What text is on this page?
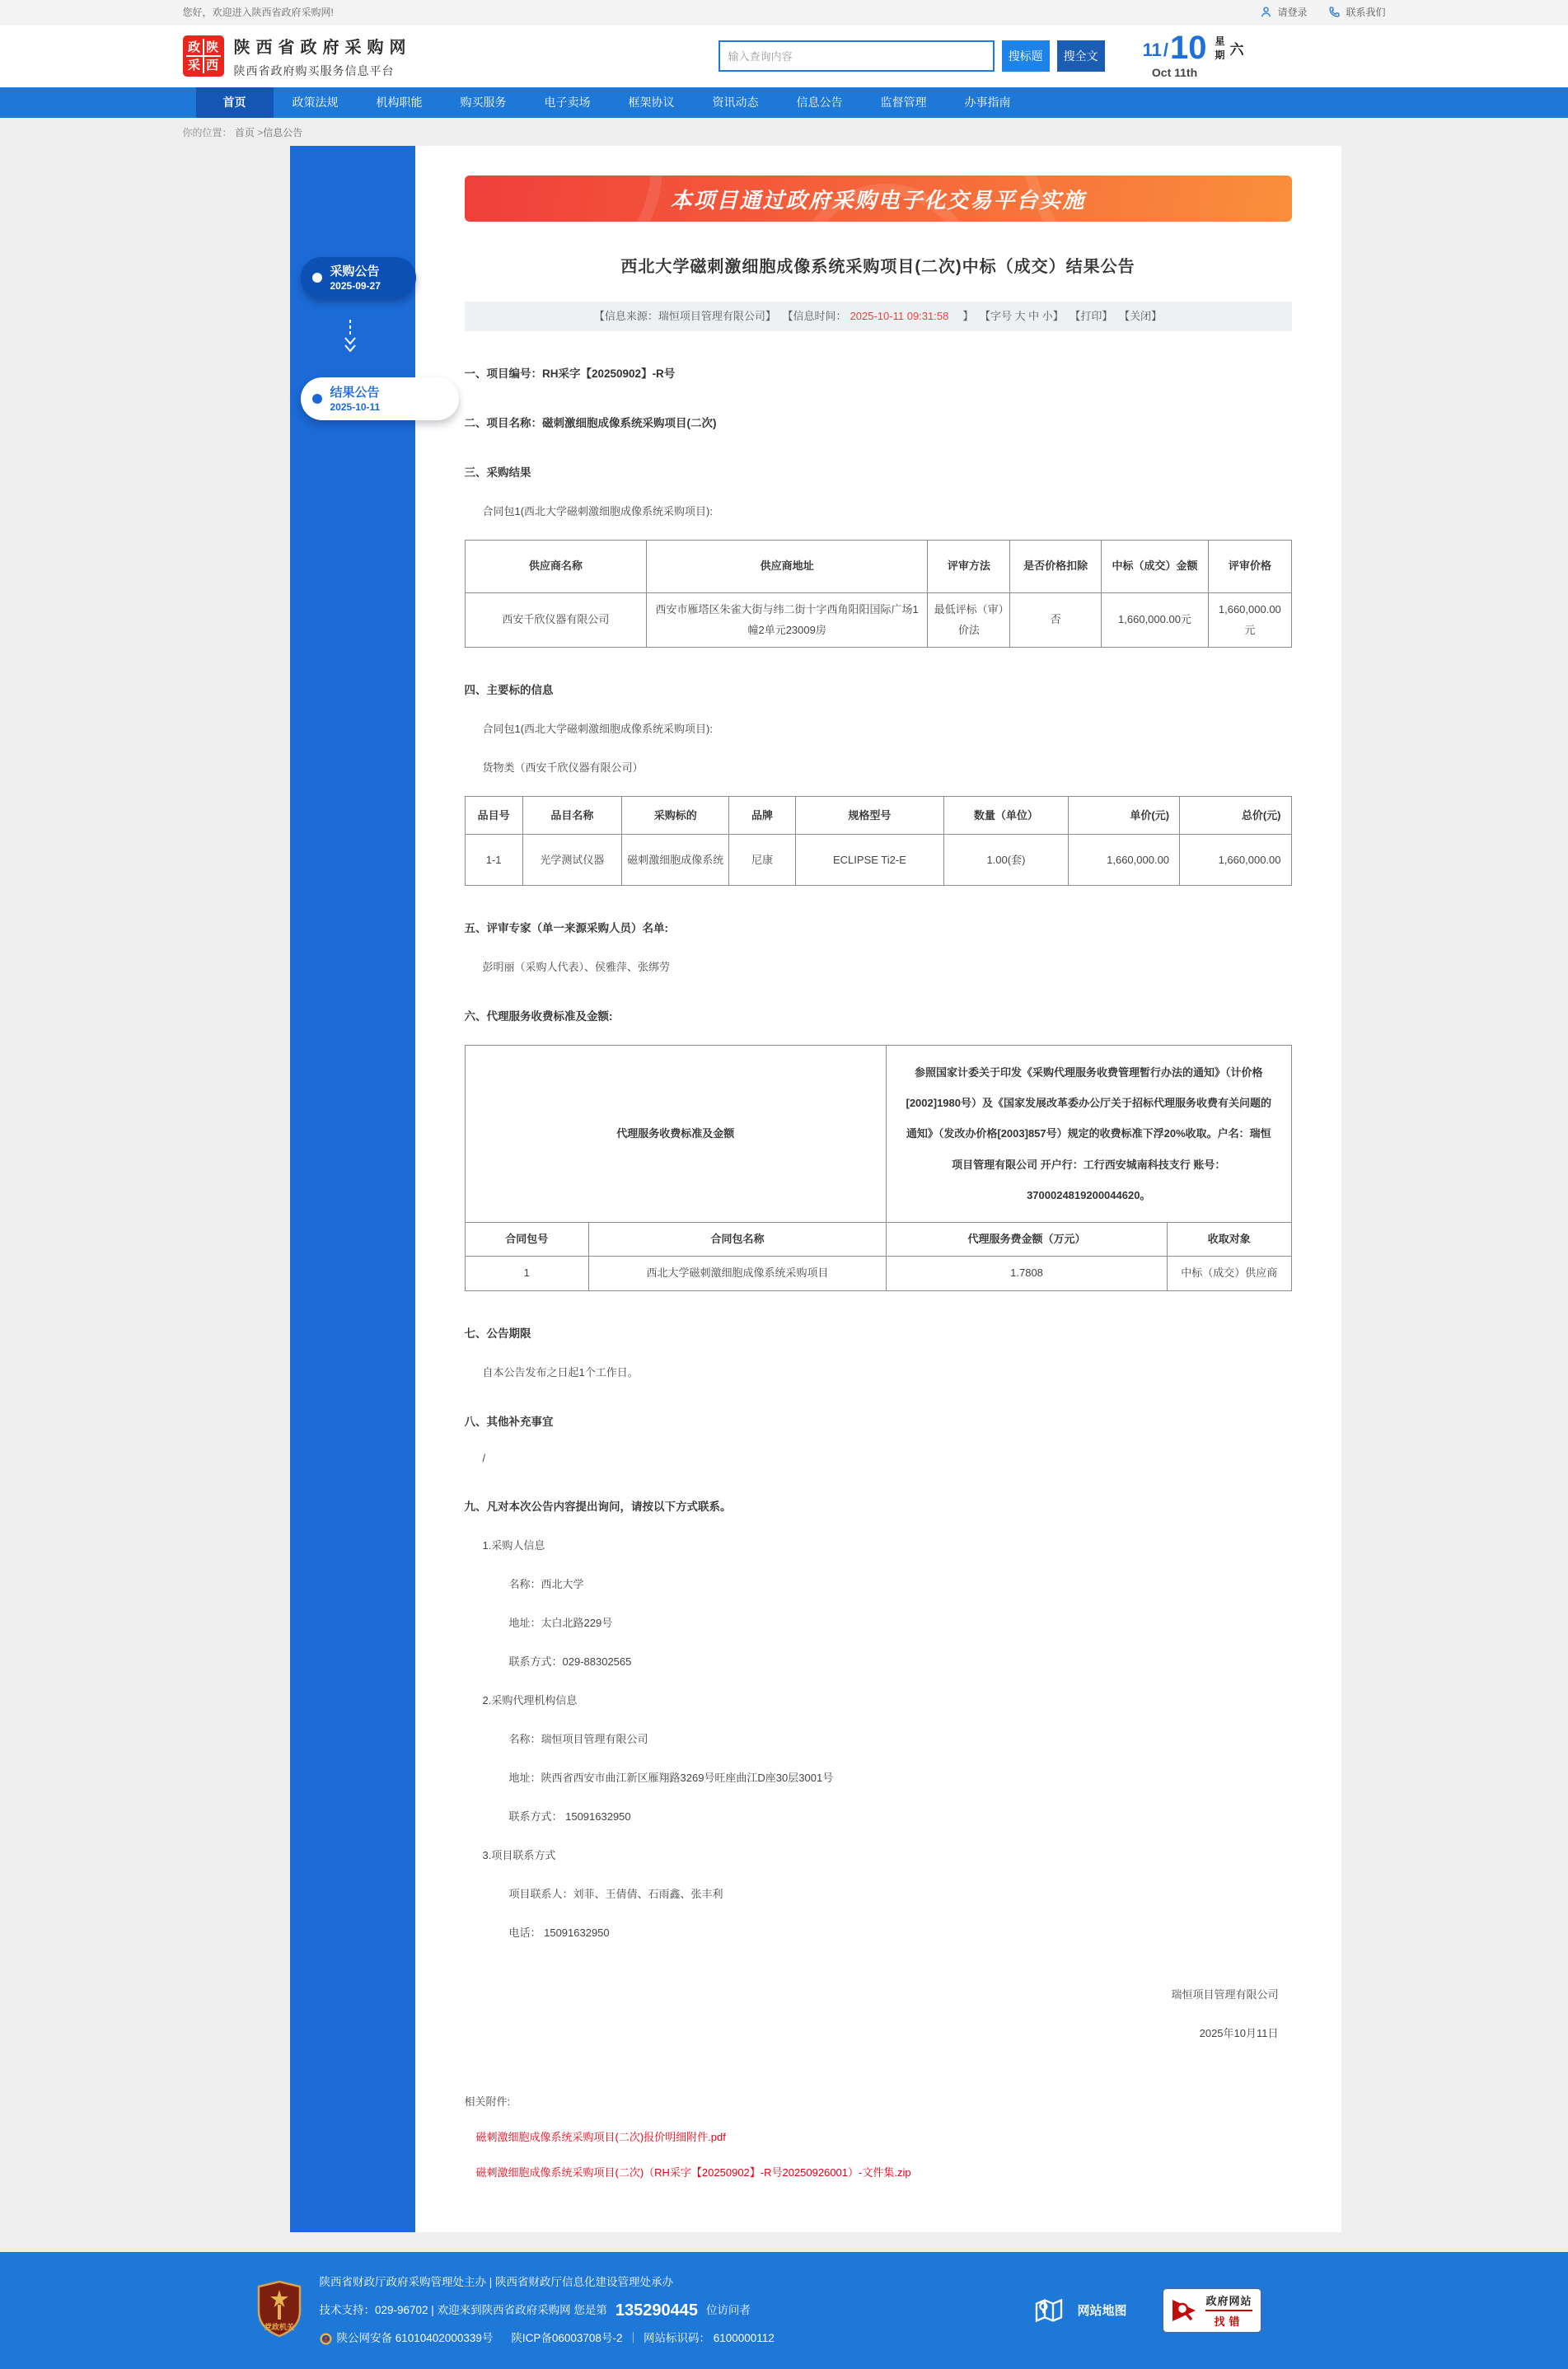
您好，欢迎进入陕西省政府采购网!	请登录	联系我们
政 陕
采 西
陕西省政府采购网
陕西省政府购买服务信息平台
输入查询内容
搜标题	搜全文	11 / 10
Oct 11th
星
期 六
首页	政策法规	机构职能	购买服务	电子卖场	框架协议	资讯动态	信息公告	监督管理	办事指南
你的位置： 首页 >信息公告
采购公告
2025-09-27
结果公告
2025-10-11
本项目通过政府采购电子化交易平台实施
西北大学磁刺激细胞成像系统采购项目(二次)中标（成交）结果公告
【信息来源：瑞恒项目管理有限公司】 【信息时间： 2025-10-11 09:31:58　】 【字号 大 中 小】 【打印】 【关闭】
一、项目编号：RH采字【20250902】-R号
二、项目名称：磁刺激细胞成像系统采购项目(二次)
三、采购结果
合同包1(西北大学磁刺激细胞成像系统采购项目):
供应商名称	供应商地址	评审方法	是否价格扣除	中标（成交）金额	评审价格
西安千欣仪器有限公司	西安市雁塔区朱雀大街与纬二街十字西角阳阳国际广场1幢2单元23009房	最低评标（审）价法	否	1,660,000.00元	1,660,000.00元
四、主要标的信息
合同包1(西北大学磁刺激细胞成像系统采购项目):
货物类（西安千欣仪器有限公司）
品目号	品目名称	采购标的	品牌	规格型号	数量（单位）	单价(元)	总价(元)
1-1	光学测试仪器	磁刺激细胞成像系统	尼康	ECLIPSE Ti2-E	1.00(套)	1,660,000.00	1,660,000.00
五、评审专家（单一来源采购人员）名单:
彭明丽（采购人代表）、侯雅萍、张绑劳
六、代理服务收费标准及金额:
代理服务收费标准及金额		参照国家计委关于印发《采购代理服务收费管理暂行办法的通知》（计价格[2002]1980号）及《国家发展改革委办公厅关于招标代理服务收费有关问题的通知》（发改办价格[2003]857号）规定的收费标准下浮20%收取。户名：瑞恒项目管理有限公司 开户行：工行西安城南科技支行 账号：3700024819200044620。	
合同包号	合同包名称	代理服务费金额（万元）	收取对象
1	西北大学磁刺激细胞成像系统采购项目	1.7808	中标（成交）供应商
七、公告期限
自本公告发布之日起1个工作日。
八、其他补充事宜
/
九、凡对本次公告内容提出询问，请按以下方式联系。
1.采购人信息
名称：西北大学
地址：太白北路229号
联系方式：029-88302565
2.采购代理机构信息
名称：瑞恒项目管理有限公司
地址：陕西省西安市曲江新区雁翔路3269号旺座曲江D座30层3001号
联系方式： 15091632950
3.项目联系方式
项目联系人：刘菲、王倩倩、石雨鑫、张丰利
电话： 15091632950
瑞恒项目管理有限公司
2025年10月11日
相关附件:
磁刺激细胞成像系统采购项目(二次)报价明细附件.pdf
磁刺激细胞成像系统采购项目(二次)（RH采字【20250902】-R号20250926001）-文件集.zip
党政机关
陕西省财政厅政府采购管理处主办 | 陕西省财政厅信息化建设管理处承办
技术支持：029-96702 | 欢迎来到陕西省政府采购网 您是第 135290445 位访问者
陕公网安备 61010402000339号 陕ICP备06003708号-2 ｜ 网站标识码： 6100000112
网站地图
政府网站
找错
